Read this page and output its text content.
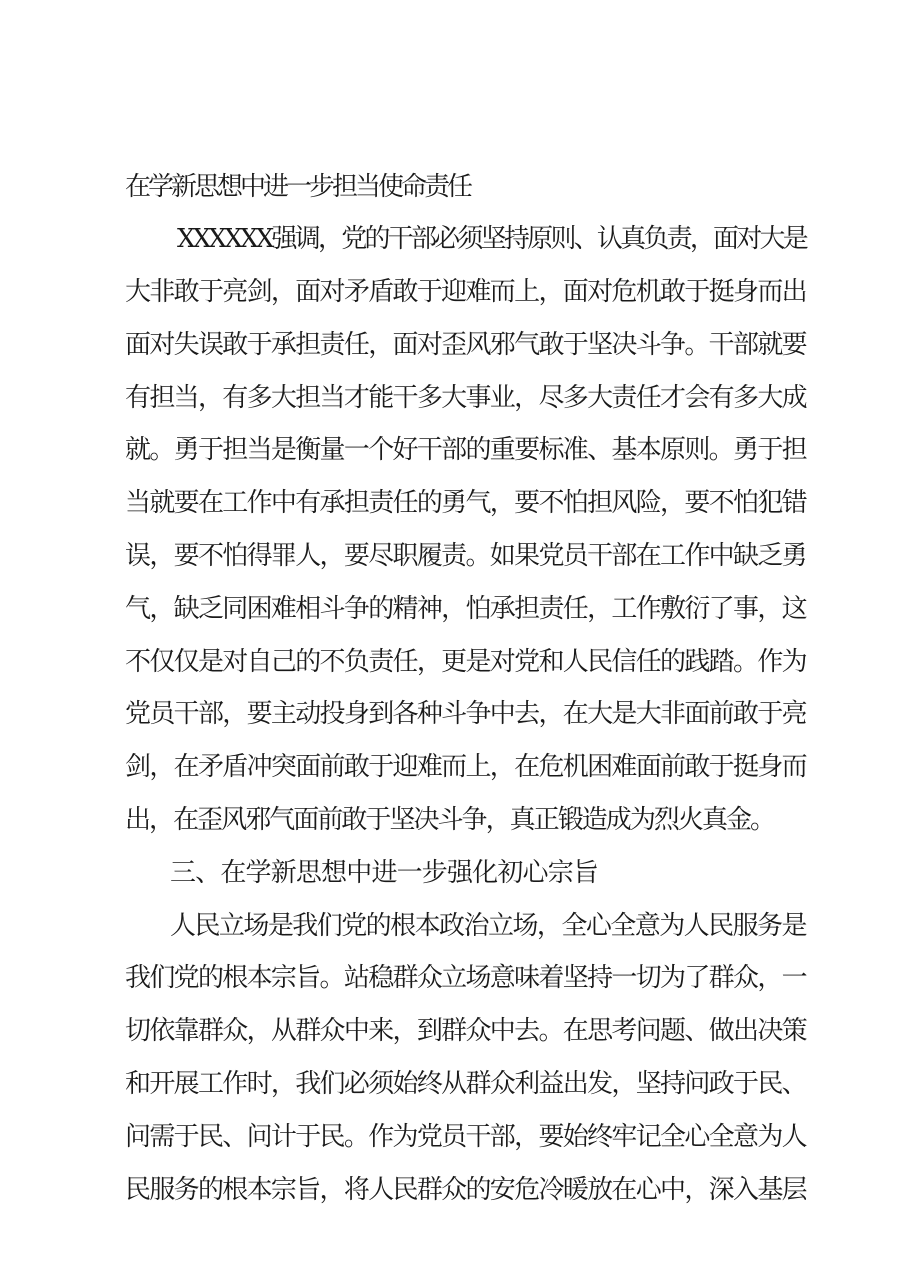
在学新思想中进一步担当使命责任
XXXXXX强调，党的干部必须坚持原则、认真负责，面对大是
大非敢于亮剑，面对矛盾敢于迎难而上，面对危机敢于挺身而出
面对失误敢于承担责任，面对歪风邪气敢于坚决斗争。干部就要
有担当，有多大担当才能干多大事业，尽多大责任才会有多大成
就。勇于担当是衡量一个好干部的重要标准、基本原则。勇于担
当就要在工作中有承担责任的勇气，要不怕担风险，要不怕犯错
误，要不怕得罪人，要尽职履责。如果党员干部在工作中缺乏勇
气，缺乏同困难相斗争的精神，怕承担责任，工作敷衍了事，这
不仅仅是对自己的不负责任，更是对党和人民信任的践踏。作为
党员干部，要主动投身到各种斗争中去，在大是大非面前敢于亮
剑，在矛盾冲突面前敢于迎难而上，在危机困难面前敢于挺身而
出，在歪风邪气面前敢于坚决斗争，真正锻造成为烈火真金。
三、在学新思想中进一步强化初心宗旨
人民立场是我们党的根本政治立场，全心全意为人民服务是
我们党的根本宗旨。站稳群众立场意味着坚持一切为了群众，一
切依靠群众，从群众中来，到群众中去。在思考问题、做出决策
和开展工作时，我们必须始终从群众利益出发，坚持问政于民、
问需于民、问计于民。作为党员干部，要始终牢记全心全意为人
民服务的根本宗旨，将人民群众的安危冷暖放在心中，深入基层
